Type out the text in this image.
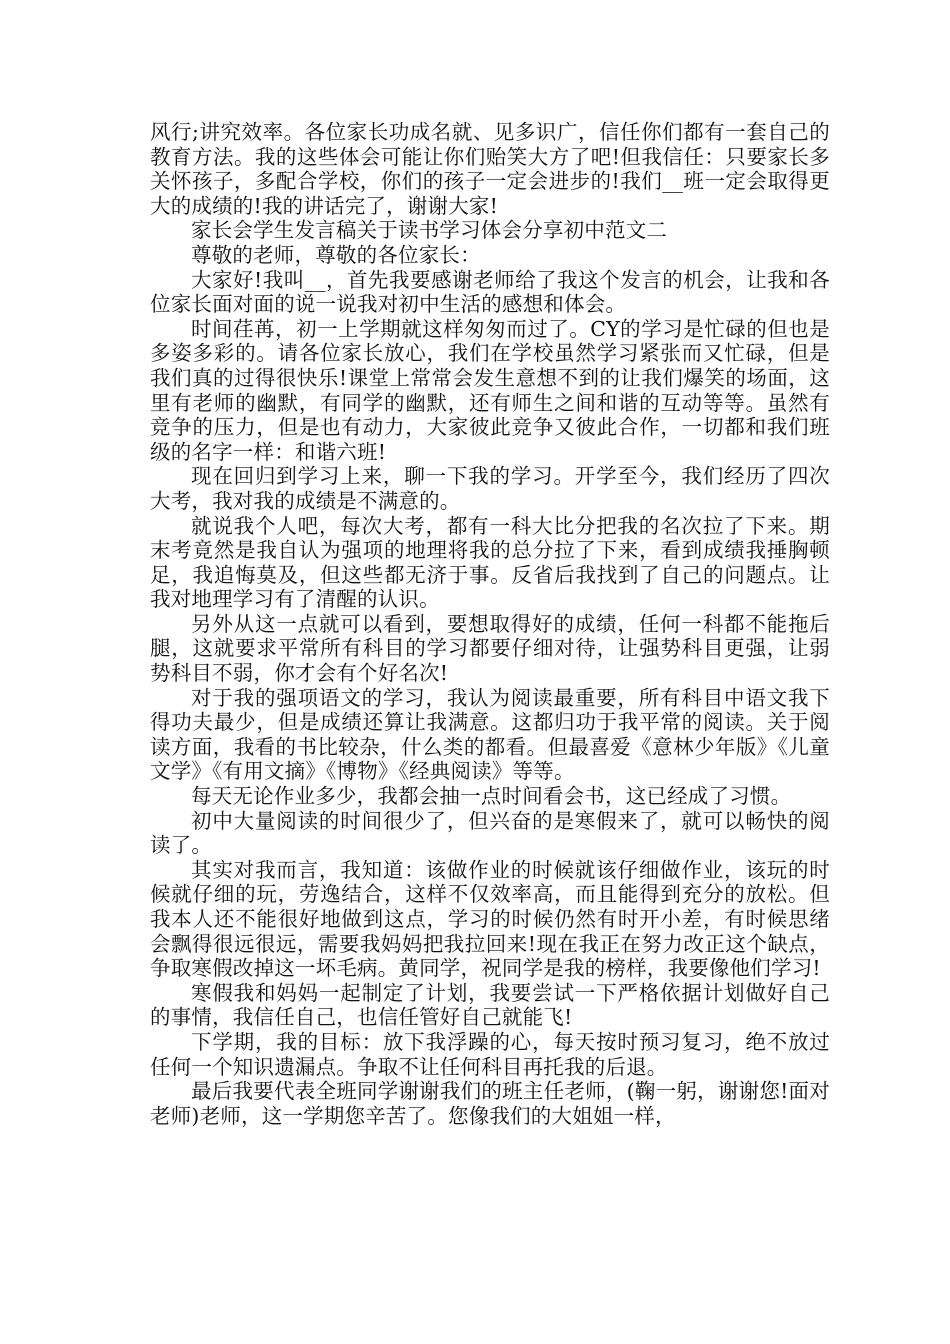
风行;讲究效率。各位家长功成名就、见多识广，信任你们都有一套自己的教育方法。我的这些体会可能让你们贻笑大方了吧!但我信任：只要家长多关怀孩子，多配合学校，你们的孩子一定会进步的!我们__班一定会取得更大的成绩的!我的讲话完了，谢谢大家!

家长会学生发言稿关于读书学习体会分享初中范文二

尊敬的老师，尊敬的各位家长：

大家好!我叫__，首先我要感谢老师给了我这个发言的机会，让我和各位家长面对面的说一说我对初中生活的感想和体会。

时间荏苒，初一上学期就这样匆匆而过了。CY的学习是忙碌的但也是多姿多彩的。请各位家长放心，我们在学校虽然学习紧张而又忙碌，但是我们真的过得很快乐!课堂上常常会发生意想不到的让我们爆笑的场面，这里有老师的幽默，有同学的幽默，还有师生之间和谐的互动等等。虽然有竞争的压力，但是也有动力，大家彼此竞争又彼此合作，一切都和我们班级的名字一样：和谐六班!

现在回归到学习上来，聊一下我的学习。开学至今，我们经历了四次大考，我对我的成绩是不满意的。

就说我个人吧，每次大考，都有一科大比分把我的名次拉了下来。期末考竟然是我自认为强项的地理将我的总分拉了下来，看到成绩我捶胸顿足，我追悔莫及，但这些都无济于事。反省后我找到了自己的问题点。让我对地理学习有了清醒的认识。

另外从这一点就可以看到，要想取得好的成绩，任何一科都不能拖后腿，这就要求平常所有科目的学习都要仔细对待，让强势科目更强，让弱势科目不弱，你才会有个好名次!

对于我的强项语文的学习，我认为阅读最重要，所有科目中语文我下得功夫最少，但是成绩还算让我满意。这都归功于我平常的阅读。关于阅读方面，我看的书比较杂，什么类的都看。但最喜爱《意林少年版》《儿童文学》《有用文摘》《博物》《经典阅读》等等。

每天无论作业多少，我都会抽一点时间看会书，这已经成了习惯。

初中大量阅读的时间很少了，但兴奋的是寒假来了，就可以畅快的阅读了。

其实对我而言，我知道：该做作业的时候就该仔细做作业，该玩的时候就仔细的玩，劳逸结合，这样不仅效率高，而且能得到充分的放松。但我本人还不能很好地做到这点，学习的时候仍然有时开小差，有时候思绪会飘得很远很远，需要我妈妈把我拉回来!现在我正在努力改正这个缺点，争取寒假改掉这一坏毛病。黄同学，祝同学是我的榜样，我要像他们学习!

寒假我和妈妈一起制定了计划，我要尝试一下严格依据计划做好自己的事情，我信任自己，也信任管好自己就能飞!

下学期，我的目标：放下我浮躁的心，每天按时预习复习，绝不放过任何一个知识遗漏点。争取不让任何科目再托我的后退。

最后我要代表全班同学谢谢我们的班主任老师，(鞠一躬，谢谢您!面对老师)老师，这一学期您辛苦了。您像我们的大姐姐一样，
